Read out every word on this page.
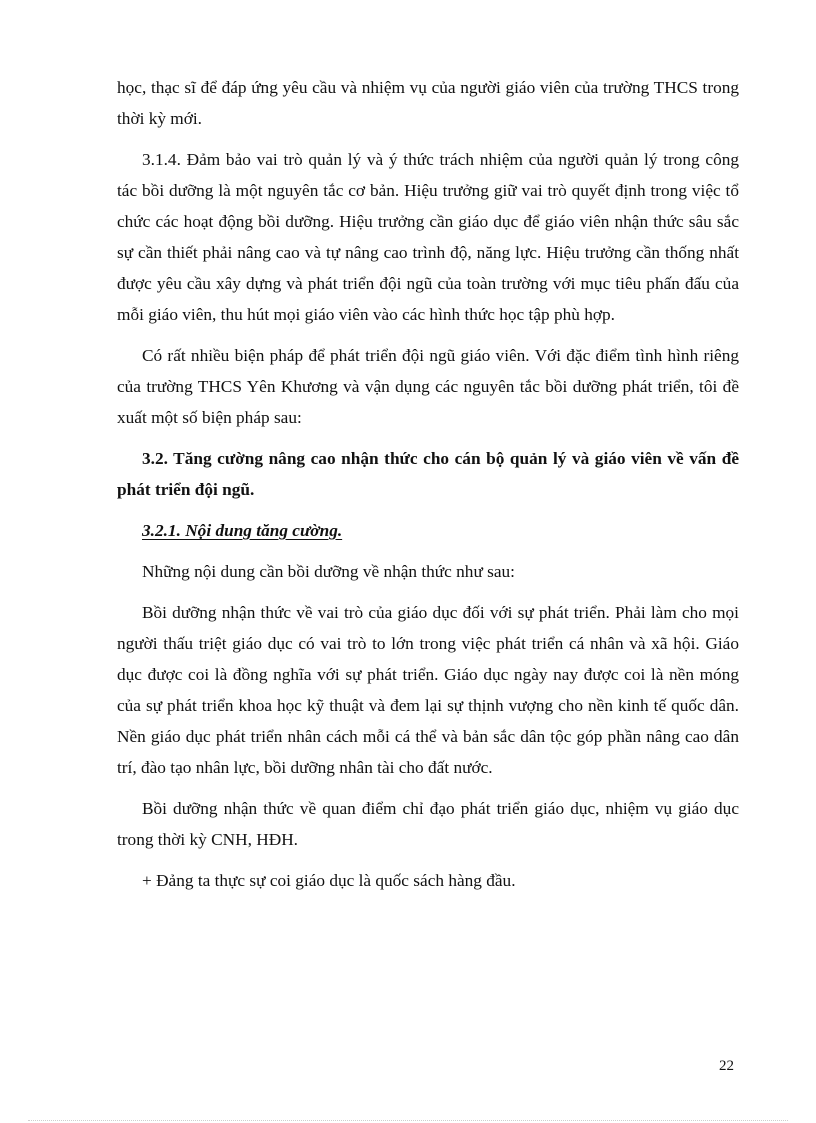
học, thạc sĩ để đáp ứng yêu cầu và nhiệm vụ của người giáo viên của trường THCS trong thời kỳ mới.

3.1.4. Đảm bảo vai trò quản lý và ý thức trách nhiệm của người quản lý trong công tác bồi dưỡng là một nguyên tắc cơ bản. Hiệu trưởng giữ vai trò quyết định trong việc tổ chức các hoạt động bồi dưỡng. Hiệu trưởng cần giáo dục để giáo viên nhận thức sâu sắc sự cần thiết phải nâng cao và tự nâng cao trình độ, năng lực. Hiệu trưởng cần thống nhất được yêu cầu xây dựng và phát triển đội ngũ của toàn trường với mục tiêu phấn đấu của mỗi giáo viên, thu hút mọi giáo viên vào các hình thức học tập phù hợp.

Có rất nhiều biện pháp để phát triển đội ngũ giáo viên. Với đặc điểm tình hình riêng của trường THCS Yên Khương và vận dụng các nguyên tắc bồi dưỡng phát triển, tôi đề xuất một số biện pháp sau:

3.2. Tăng cường nâng cao nhận thức cho cán bộ quản lý và giáo viên về vấn đề phát triển đội ngũ.

3.2.1. Nội dung tăng cường.

Những nội dung cần bồi dưỡng về nhận thức như sau:

Bồi dưỡng nhận thức về vai trò của giáo dục đối với sự phát triển. Phải làm cho mọi người thấu triệt giáo dục có vai trò to lớn trong việc phát triển cá nhân và xã hội. Giáo dục được coi là đồng nghĩa với sự phát triển. Giáo dục ngày nay được coi là nền móng của sự phát triển khoa học kỹ thuật và đem lại sự thịnh vượng cho nền kinh tế quốc dân. Nền giáo dục phát triển nhân cách mỗi cá thể và bản sắc dân tộc góp phần nâng cao dân trí, đào tạo nhân lực, bồi dưỡng nhân tài cho đất nước.

Bồi dưỡng nhận thức về quan điểm chỉ đạo phát triển giáo dục, nhiệm vụ giáo dục trong thời kỳ CNH, HĐH.

+ Đảng ta thực sự coi giáo dục là quốc sách hàng đầu.

22
